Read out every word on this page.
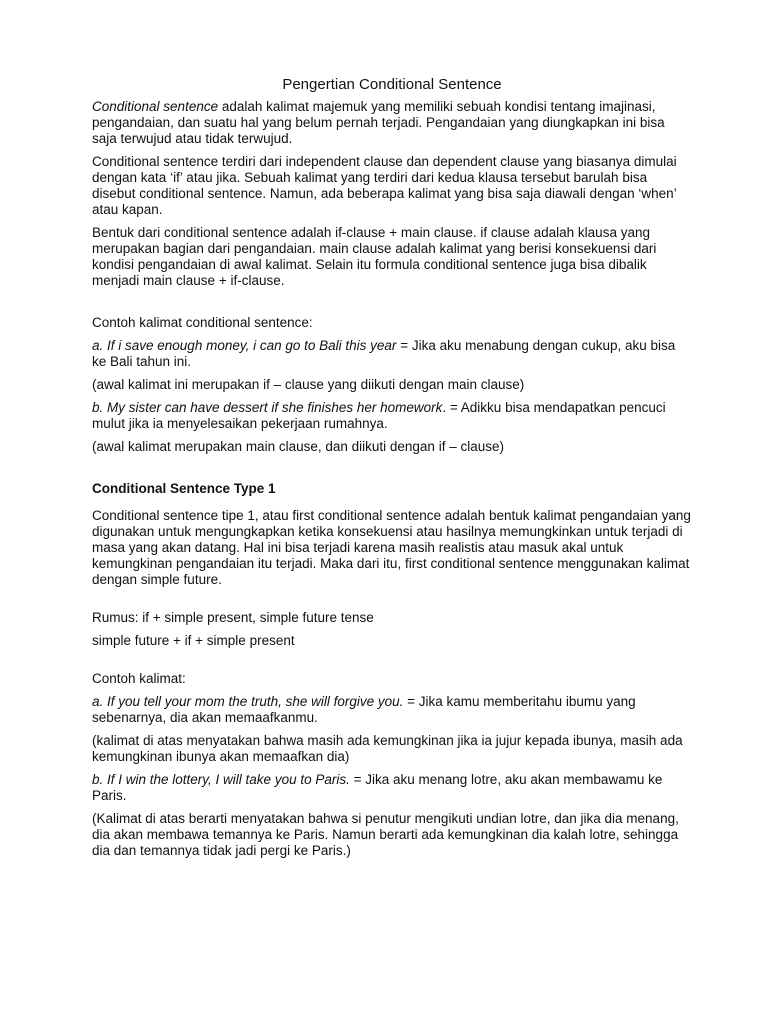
Pengertian Conditional Sentence

Conditional sentence adalah kalimat majemuk yang memiliki sebuah kondisi tentang imajinasi, pengandaian, dan suatu hal yang belum pernah terjadi. Pengandaian yang diungkapkan ini bisa saja terwujud atau tidak terwujud.

Conditional sentence terdiri dari independent clause dan dependent clause yang biasanya dimulai dengan kata ‘if’ atau jika. Sebuah kalimat yang terdiri dari kedua klausa tersebut barulah bisa disebut conditional sentence. Namun, ada beberapa kalimat yang bisa saja diawali dengan ‘when’ atau kapan.

Bentuk dari conditional sentence adalah if-clause + main clause. if clause adalah klausa yang merupakan bagian dari pengandaian. main clause adalah kalimat yang berisi konsekuensi dari kondisi pengandaian di awal kalimat. Selain itu formula conditional sentence juga bisa dibalik menjadi main clause + if-clause.

Contoh kalimat conditional sentence:

a. If i save enough money, i can go to Bali this year = Jika aku menabung dengan cukup, aku bisa ke Bali tahun ini.

(awal kalimat ini merupakan if – clause yang diikuti dengan main clause)

b. My sister can have dessert if she finishes her homework. = Adikku bisa mendapatkan pencuci mulut jika ia menyelesaikan pekerjaan rumahnya.

(awal kalimat merupakan main clause, dan diikuti dengan if – clause)

Conditional Sentence Type 1

Conditional sentence tipe 1, atau first conditional sentence adalah bentuk kalimat pengandaian yang digunakan untuk mengungkapkan ketika konsekuensi atau hasilnya memungkinkan untuk terjadi di masa yang akan datang. Hal ini bisa terjadi karena masih realistis atau masuk akal untuk kemungkinan pengandaian itu terjadi. Maka dari itu, first conditional sentence menggunakan kalimat dengan simple future.

Rumus: if + simple present, simple future tense

simple future + if + simple present

Contoh kalimat:

a. If you tell your mom the truth, she will forgive you. = Jika kamu memberitahu ibumu yang sebenarnya, dia akan memaafkanmu.

(kalimat di atas menyatakan bahwa masih ada kemungkinan jika ia jujur kepada ibunya, masih ada kemungkinan ibunya akan memaafkan dia)

b. If I win the lottery, I will take you to Paris. = Jika aku menang lotre, aku akan membawamu ke Paris.

(Kalimat di atas berarti menyatakan bahwa si penutur mengikuti undian lotre, dan jika dia menang, dia akan membawa temannya ke Paris. Namun berarti ada kemungkinan dia kalah lotre, sehingga dia dan temannya tidak jadi pergi ke Paris.)
